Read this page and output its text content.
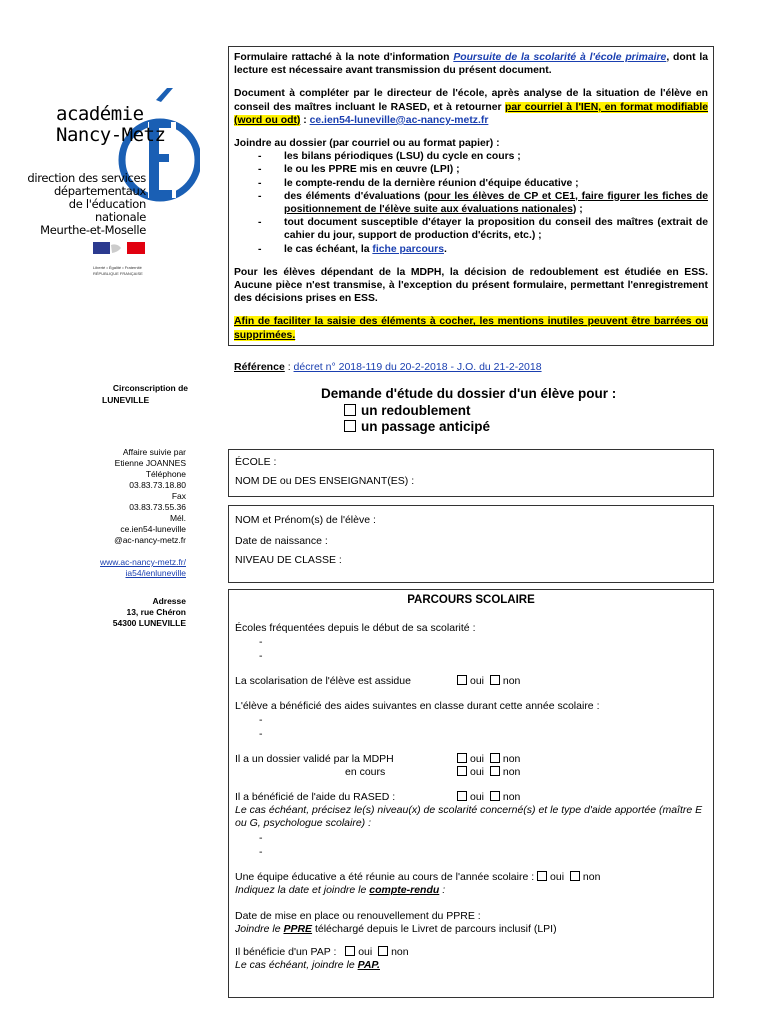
académie
Nancy-Metz
direction des services
départementaux
de l'éducation nationale
Meurthe-et-Moselle
Liberté • Égalité • Fraternité
RÉPUBLIQUE FRANÇAISE
Circonscription de
LUNEVILLE
Affaire suivie par
Etienne JOANNES
Téléphone
03.83.73.18.80
Fax
03.83.73.55.36
Mél.
ce.ien54-luneville
@ac-nancy-metz.fr
www.ac-nancy-metz.fr/
ia54/ienluneville
Adresse
13, rue Chéron
54300 LUNEVILLE

Formulaire rattaché à la note d'information Poursuite de la scolarité à l'école primaire, dont la lecture est nécessaire avant transmission du présent document.

Document à compléter par le directeur de l'école, après analyse de la situation de l'élève en conseil des maîtres incluant le RASED, et à retourner par courriel à l'IEN, en format modifiable (word ou odt) : ce.ien54-luneville@ac-nancy-metz.fr

Joindre au dossier (par courriel ou au format papier) :
- les bilans périodiques (LSU) du cycle en cours ;
- le ou les PPRE mis en œuvre (LPI) ;
- le compte-rendu de la dernière réunion d'équipe éducative ;
- des éléments d'évaluations (pour les élèves de CP et CE1, faire figurer les fiches de positionnement de l'élève suite aux évaluations nationales) ;
- tout document susceptible d'étayer la proposition du conseil des maîtres (extrait de cahier du jour, support de production d'écrits, etc.) ;
- le cas échéant, la fiche parcours.

Pour les élèves dépendant de la MDPH, la décision de redoublement est étudiée en ESS. Aucune pièce n'est transmise, à l'exception du présent formulaire, permettant l'enregistrement des décisions prises en ESS.

Afin de faciliter la saisie des éléments à cocher, les mentions inutiles peuvent être barrées ou supprimées.

Référence : décret n° 2018-119 du 20-2-2018 - J.O. du 21-2-2018
Demande d'étude du dossier d'un élève pour :
un redoublement
un passage anticipé
ÉCOLE :
NOM DE ou DES ENSEIGNANT(ES) :
NOM et Prénom(s) de l'élève :
Date de naissance :
NIVEAU DE CLASSE :
PARCOURS SCOLAIRE
Écoles fréquentées depuis le début de sa scolarité :
-
-
La scolarisation de l'élève est assidue	oui non
L'élève a bénéficié des aides suivantes en classe durant cette année scolaire :
-
-
Il a un dossier validé par la MDPH	oui non
en cours	oui non
Il a bénéficié de l'aide du RASED :	oui non
Le cas échéant, précisez le(s) niveau(x) de scolarité concerné(s) et le type d'aide apportée (maître E ou G, psychologue scolaire) :
-
-
Une équipe éducative a été réunie au cours de l'année scolaire : oui non
Indiquez la date et joindre le compte-rendu :
Date de mise en place ou renouvellement du PPRE :
Joindre le PPRE téléchargé depuis le Livret de parcours inclusif (LPI)
Il bénéficie d'un PAP : oui non
Le cas échéant, joindre le PAP.
